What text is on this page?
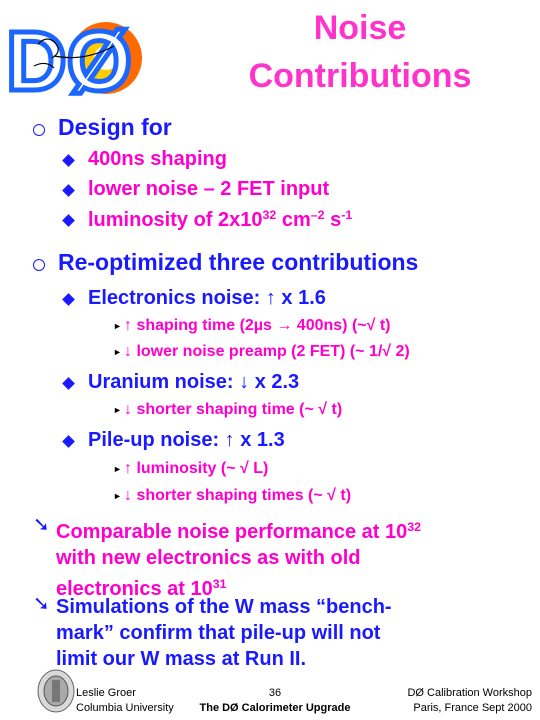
DØ	Noise
Contributions
Design for
400ns shaping
lower noise – 2 FET input
luminosity of $2x10^{32}$ $cm^{-2}$ $s^{-1}$
Re-optimized three contributions
Electronics noise: ↑ x 1.6
► ↑ shaping time (2µs → 400ns) (~√ t)
► ↓ lower noise preamp (2 FET) (~ 1/√ 2)
Uranium noise: ↓ x 2.3
► ↓ shorter shaping time (~ √ t)
Pile-up noise: ↑ x 1.3
► ↑ luminosity (~ √ L)
► ↓ shorter shaping times (~ √ t)
➘ Comparable noise performance at $10^{32}$
with new electronics as with old
electronics at $10^{31}$
➘ Simulations of the W mass “bench-
mark” confirm that pile-up will not
limit our W mass at Run II.
Leslie Groer
Columbia University
36
The DØ Calorimeter Upgrade
DØ Calibration Workshop
Paris, France Sept 2000
